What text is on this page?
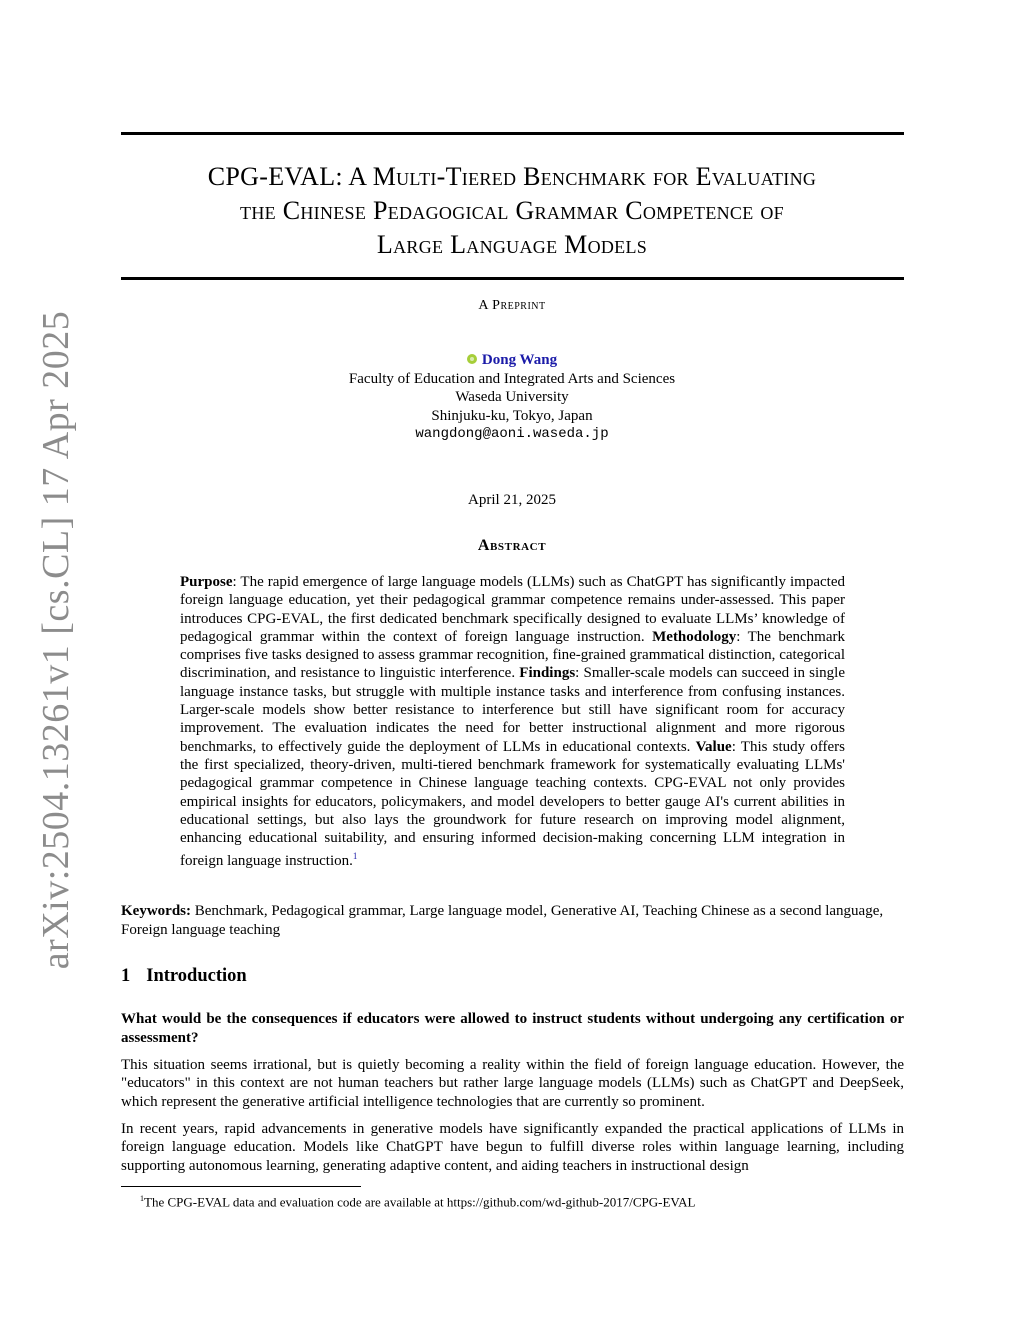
arXiv:2504.13261v1 [cs.CL] 17 Apr 2025
CPG-EVAL: A Multi-Tiered Benchmark for Evaluating
the Chinese Pedagogical Grammar Competence of
Large Language Models
A Preprint
Dong Wang
Faculty of Education and Integrated Arts and Sciences
Waseda University
Shinjuku-ku, Tokyo, Japan
wangdong@aoni.waseda.jp
April 21, 2025
Abstract
Purpose: The rapid emergence of large language models (LLMs) such as ChatGPT has significantly impacted foreign language education, yet their pedagogical grammar competence remains under-assessed. This paper introduces CPG-EVAL, the first dedicated benchmark specifically designed to evaluate LLMs’ knowledge of pedagogical grammar within the context of foreign language instruction. Methodology: The benchmark comprises five tasks designed to assess grammar recognition, fine-grained grammatical distinction, categorical discrimination, and resistance to linguistic interference. Findings: Smaller-scale models can succeed in single language instance tasks, but struggle with multiple instance tasks and interference from confusing instances. Larger-scale models show better resistance to interference but still have significant room for accuracy improvement. The evaluation indicates the need for better instructional alignment and more rigorous benchmarks, to effectively guide the deployment of LLMs in educational contexts. Value: This study offers the first specialized, theory-driven, multi-tiered benchmark framework for systematically evaluating LLMs' pedagogical grammar competence in Chinese language teaching contexts. CPG-EVAL not only provides empirical insights for educators, policymakers, and model developers to better gauge AI's current abilities in educational settings, but also lays the groundwork for future research on improving model alignment, enhancing educational suitability, and ensuring informed decision-making concerning LLM integration in foreign language instruction.$^1$
Keywords: Benchmark, Pedagogical grammar, Large language model, Generative AI, Teaching Chinese as a second language, Foreign language teaching
1 Introduction
What would be the consequences if educators were allowed to instruct students without undergoing any certification or assessment?
This situation seems irrational, but is quietly becoming a reality within the field of foreign language education. However, the "educators" in this context are not human teachers but rather large language models (LLMs) such as ChatGPT and DeepSeek, which represent the generative artificial intelligence technologies that are currently so prominent.
In recent years, rapid advancements in generative models have significantly expanded the practical applications of LLMs in foreign language education. Models like ChatGPT have begun to fulfill diverse roles within language learning, including supporting autonomous learning, generating adaptive content, and aiding teachers in instructional design
$^1$The CPG-EVAL data and evaluation code are available at https://github.com/wd-github-2017/CPG-EVAL
